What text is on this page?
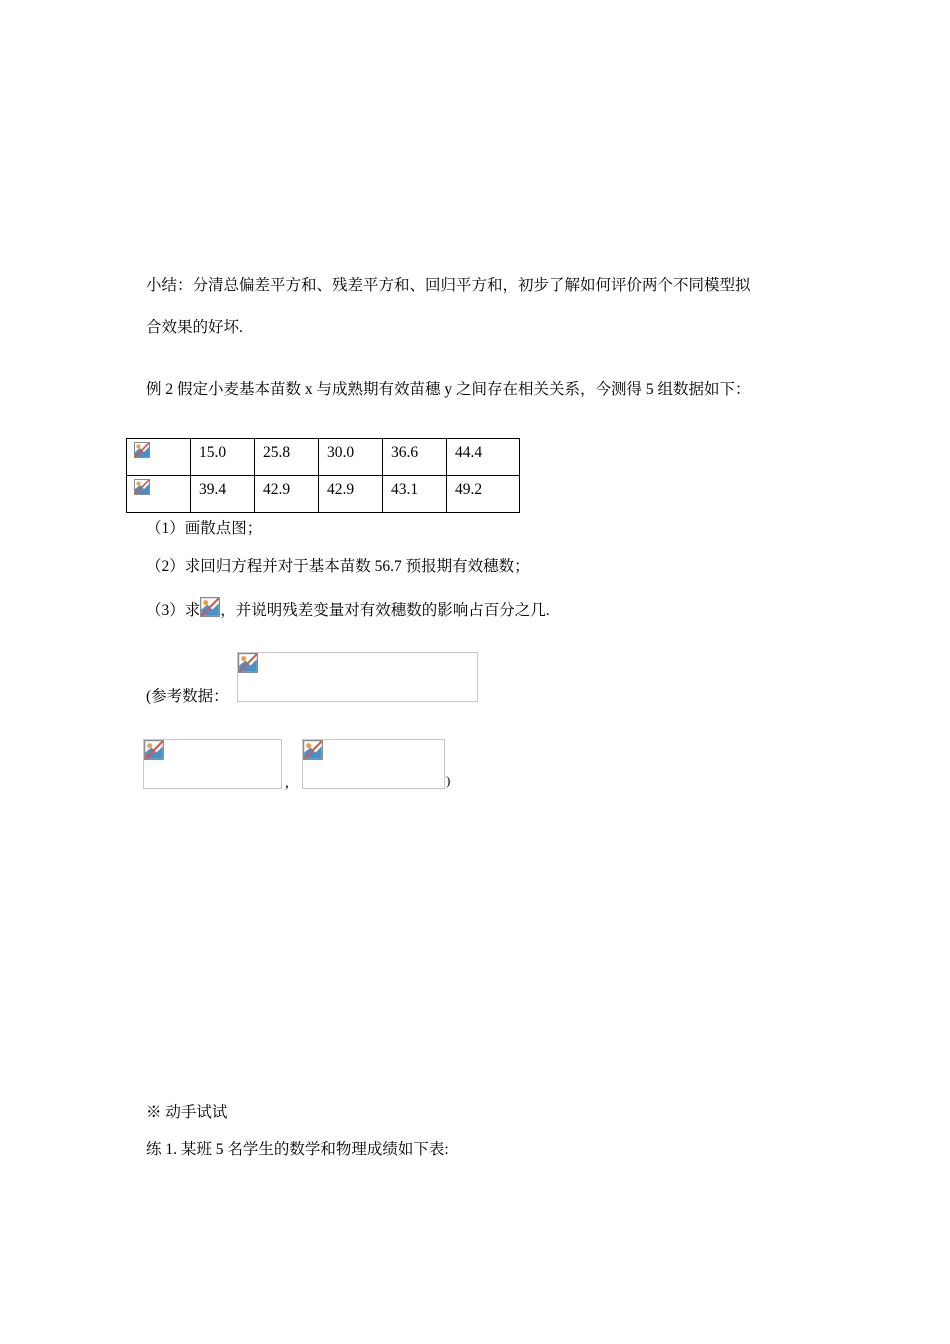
小结：分清总偏差平方和、残差平方和、回归平方和，初步了解如何评价两个不同模型拟
合效果的好坏.
例 2 假定小麦基本苗数 x 与成熟期有效苗穗 y 之间存在相关关系，今测得 5 组数据如下：
	15.0	25.8	30.0	36.6	44.4
	39.4	42.9	42.9	43.1	49.2
（1）画散点图；
（2）求回归方程并对于基本苗数 56.7 预报期有效穗数；
（3）求 ，并说明残差变量对有效穗数的影响占百分之几.
(参考数据：
,	)
※ 动手试试
练 1. 某班 5 名学生的数学和物理成绩如下表:
